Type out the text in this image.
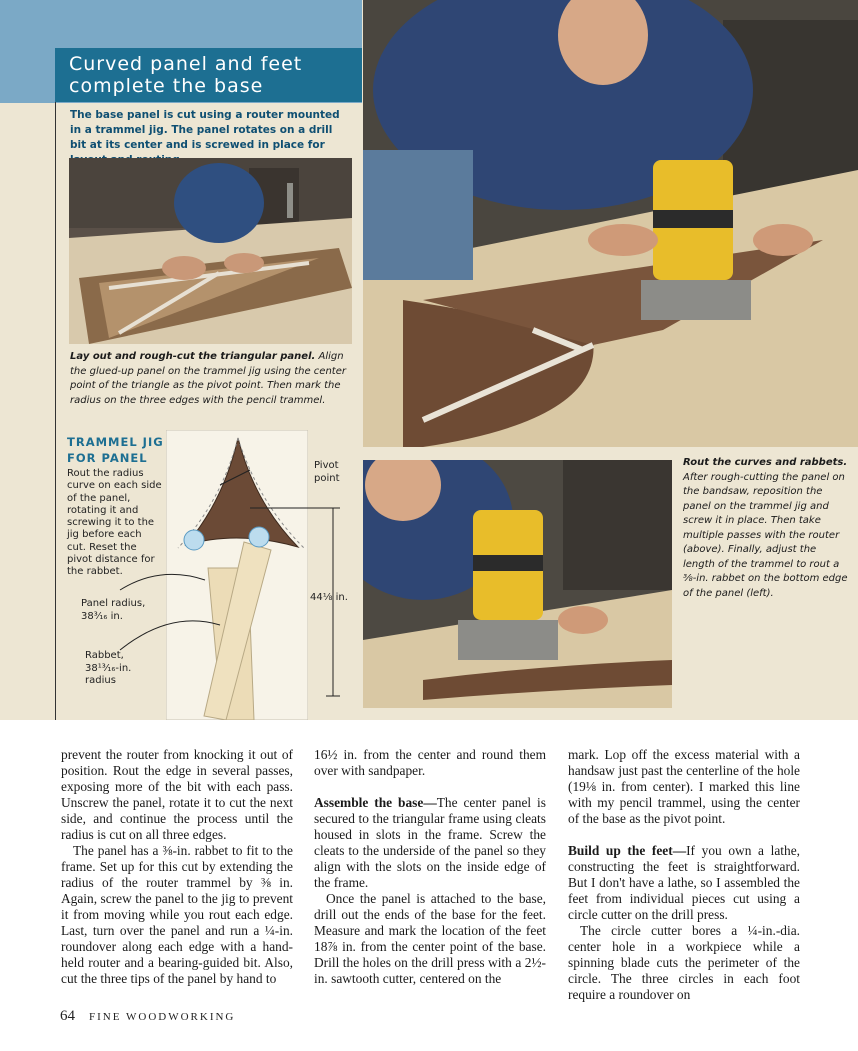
Curved panel and feet
complete the base
The base panel is cut using a router mounted in a trammel jig. The panel rotates on a drill bit at its center and is screwed in place for
Lay out and rough-cut the triangular panel. Align the glued-up panel on the trammel jig using the center point of the triangle as the pivot point. Then mark the radius on the three edges with the pencil trammel.
TRAMMEL JIG
FOR PANEL
Rout the radius curve on each side of the panel, rotating it and screwing it to the jig before each cut. Reset the pivot distance for the rabbet.
Pivot point
44⅛ in.
Panel radius,
38³⁄₁₆ in.
Rabbet,
38¹³⁄₁₆-in.
radius
Rout the curves and rabbets. After rough-cutting the panel on the bandsaw, reposition the panel on the trammel jig and screw it in place. Then take multiple passes with the router (above). Finally, adjust the length of the trammel to rout a ⅜-in. rabbet on the bottom edge of the panel (left).

prevent the router from knocking it out of position. Rout the edge in several passes, exposing more of the bit with each pass. Unscrew the panel, rotate it to cut the next side, and continue the process until the radius is cut on all three edges.

The panel has a ⅜-in. rabbet to fit to the frame. Set up for this cut by extending the radius of the router trammel by ⅜ in. Again, screw the panel to the jig to prevent it from moving while you rout each edge. Last, turn over the panel and run a ¼-in. roundover along each edge with a hand-held router and a bearing-guided bit. Also, cut the three tips of the panel by hand to

16½ in. from the center and round them over with sandpaper.

Assemble the base—The center panel is secured to the triangular frame using cleats housed in slots in the frame. Screw the cleats to the underside of the panel so they align with the slots on the inside edge of the frame.

Once the panel is attached to the base, drill out the ends of the base for the feet. Measure and mark the location of the feet 18⅞ in. from the center point of the base. Drill the holes on the drill press with a 2½-in. sawtooth cutter, centered on the

mark. Lop off the excess material with a handsaw just past the centerline of the hole (19⅛ in. from center). I marked this line with my pencil trammel, using the center of the base as the pivot point.

Build up the feet—If you own a lathe, constructing the feet is straightforward. But I don't have a lathe, so I assembled the feet from individual pieces cut using a circle cutter on the drill press.

The circle cutter bores a ¼-in.-dia. center hole in a workpiece while a spinning blade cuts the perimeter of the circle. The three circles in each foot require a roundover on

64 FINE WOODWORKING
